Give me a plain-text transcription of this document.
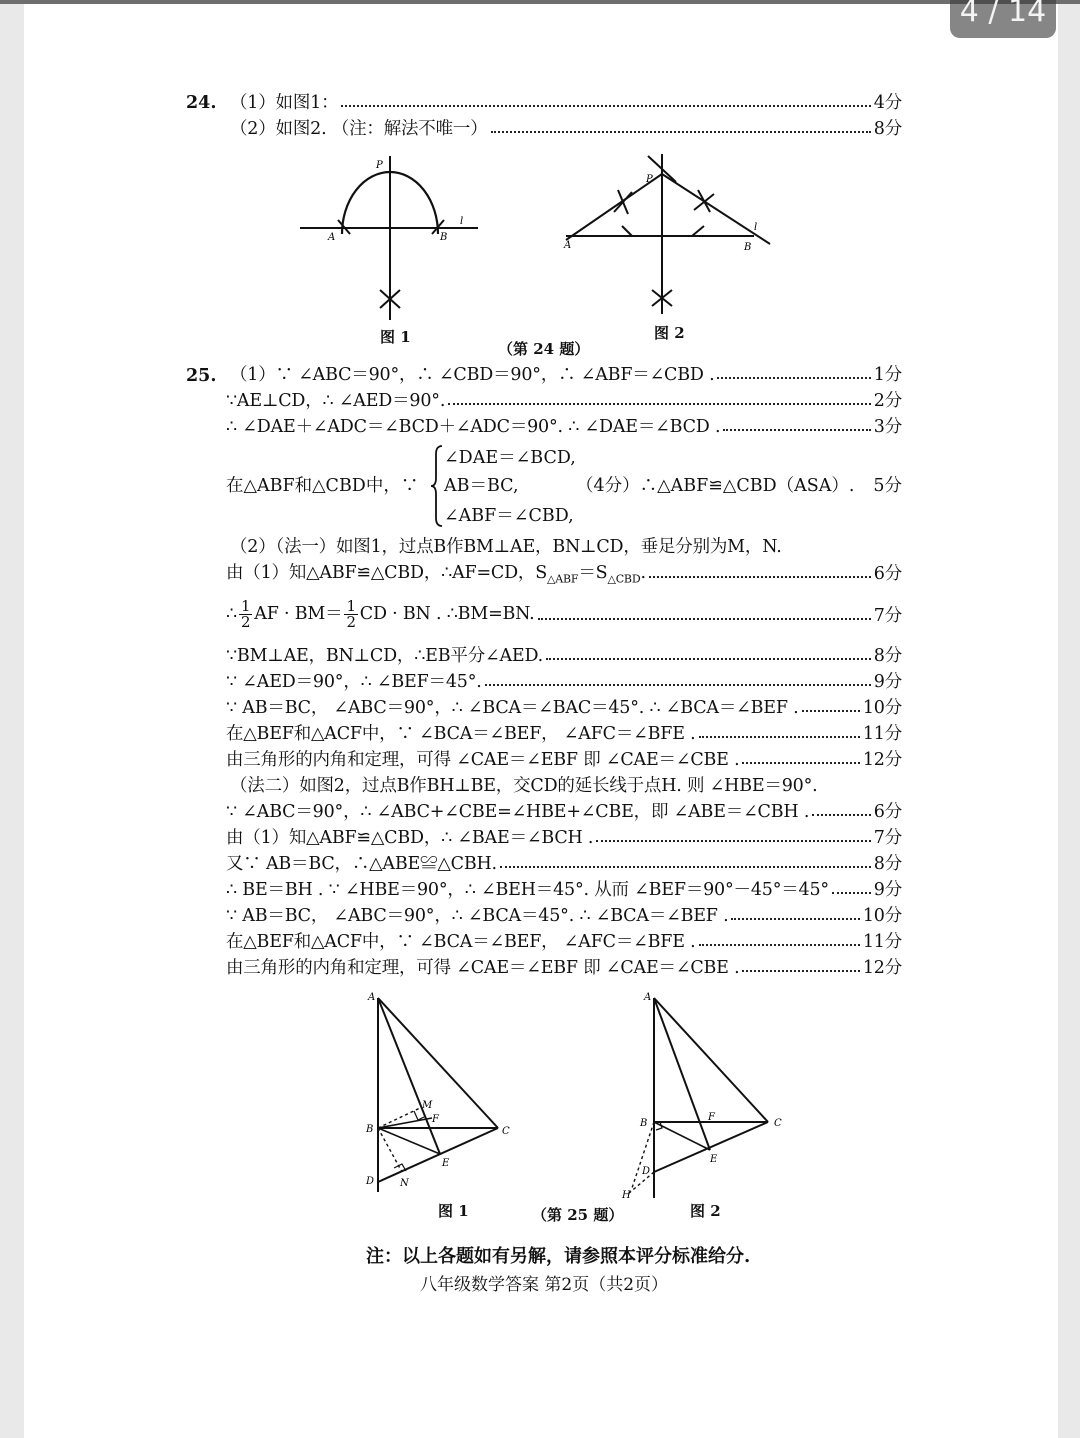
24. （1）如图1：	4分
（2）如图2. （注：解法不唯一）	8分
P
A	B
l
图 1
P
A	B
l
图 2
（第 24 题）
25. （1）∵ ∠ABC＝90°，∴ ∠CBD＝90°，∴ ∠ABF＝∠CBD .	1分
∵AE⊥CD，∴ ∠AED＝90°.	2分
∴ ∠DAE＋∠ADC＝∠BCD＋∠ADC＝90°. ∴ ∠DAE＝∠BCD .	3分
在△ABF和△CBD中，∵
∠DAE＝∠BCD,
AB＝BC,
∠ABF＝∠CBD,
（4分）∴△ABF≌△CBD（ASA）. 5分
（2）（法一）如图1，过点B作BM⊥AE，BN⊥CD，垂足分别为M，N.
由（1）知△ABF≌△CBD，∴AF=CD，$S_{\triangle ABF}=S_{\triangle CBD}$.	6分
∴ $\frac{1}{2}$ AF · $BM= \frac{1}{2}$ CD · BN . ∴BM=BN.	7分
∵BM⊥AE，BN⊥CD，∴EB平分∠AED.	8分
∵ ∠AED＝90°，∴ ∠BEF＝45°.	9分
∵ AB＝BC， ∠ABC＝90°，∴ ∠BCA＝∠BAC＝45°. ∴ ∠BCA＝∠BEF .	10分
在△BEF和△ACF中，∵ ∠BCA＝∠BEF， ∠AFC＝∠BFE .	11分
由三角形的内角和定理，可得 ∠CAE＝∠EBF 即 ∠CAE＝∠CBE .	12分
（法二）如图2，过点B作BH⊥BE，交CD的延长线于点H. 则 ∠HBE＝90°.
∵ ∠ABC＝90°，∴ ∠ABC+∠CBE=∠HBE+∠CBE，即 ∠ABE＝∠CBH .	6分
由（1）知△ABF≌△CBD，∴ ∠BAE＝∠BCH .	7分
又∵ AB＝BC，∴△ABE≌△CBH.	8分
∴ BE＝BH . ∵ ∠HBE＝90°，∴ ∠BEH＝45°. 从而 ∠BEF＝90°－45°＝45°	9分
∵ AB＝BC， ∠ABC＝90°，∴ ∠BCA＝45°. ∴ ∠BCA＝∠BEF .	10分
在△BEF和△ACF中，∵ ∠BCA＝∠BEF， ∠AFC＝∠BFE .	11分
由三角形的内角和定理，可得 ∠CAE＝∠EBF 即 ∠CAE＝∠CBE .	12分
A
B	C
D
E
F
M
N
图 1
A
B	C
D
E
F
H
图 2
（第 25 题）
注：以上各题如有另解，请参照本评分标准给分.
八年级数学答案 第2页（共2页）
4 / 14
